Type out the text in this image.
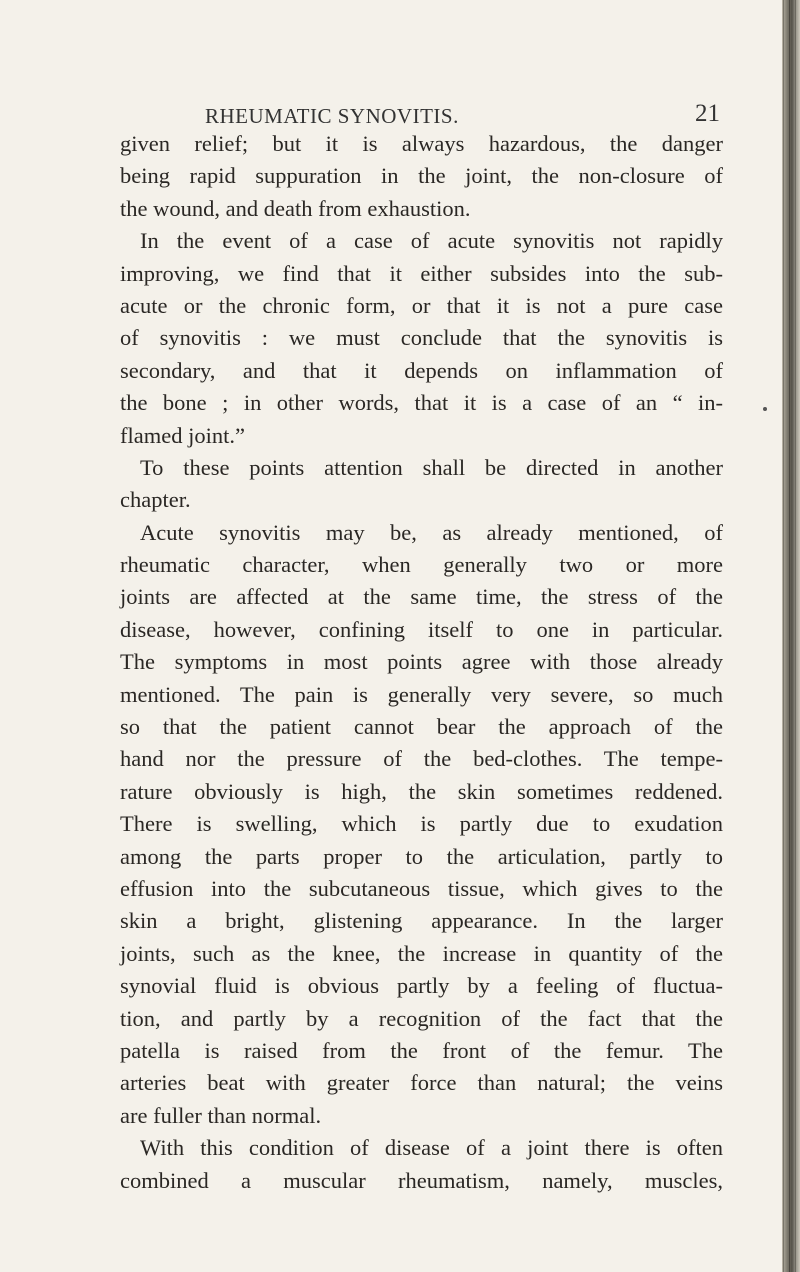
RHEUMATIC SYNOVITIS.	21
given relief; but it is always hazardous, the danger
being rapid suppuration in the joint, the non-closure of
the wound, and death from exhaustion.
In the event of a case of acute synovitis not rapidly
improving, we find that it either subsides into the sub-
acute or the chronic form, or that it is not a pure case
of synovitis : we must conclude that the synovitis is
secondary, and that it depends on inflammation of
the bone ; in other words, that it is a case of an “ in-
flamed joint.”
To these points attention shall be directed in another
chapter.
Acute synovitis may be, as already mentioned, of
rheumatic character, when generally two or more
joints are affected at the same time, the stress of the
disease, however, confining itself to one in particular.
The symptoms in most points agree with those already
mentioned. The pain is generally very severe, so much
so that the patient cannot bear the approach of the
hand nor the pressure of the bed-clothes. The tempe-
rature obviously is high, the skin sometimes reddened.
There is swelling, which is partly due to exudation
among the parts proper to the articulation, partly to
effusion into the subcutaneous tissue, which gives to the
skin a bright, glistening appearance. In the larger
joints, such as the knee, the increase in quantity of the
synovial fluid is obvious partly by a feeling of fluctua-
tion, and partly by a recognition of the fact that the
patella is raised from the front of the femur. The
arteries beat with greater force than natural; the veins
are fuller than normal.
With this condition of disease of a joint there is often
combined a muscular rheumatism, namely, muscles,
